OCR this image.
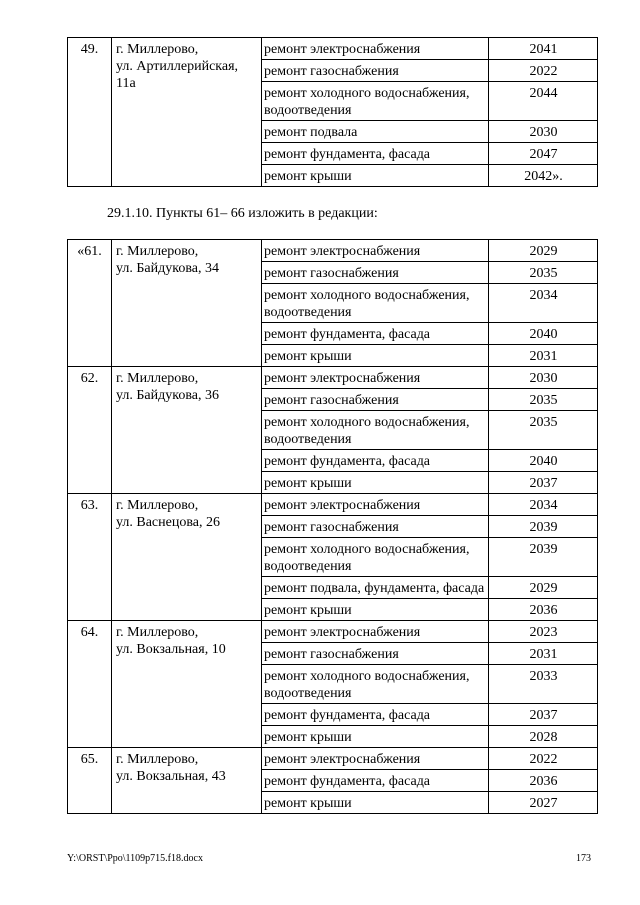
49.	г. Миллерово,
ул. Артиллерийская,
11а	ремонт электроснабжения	2041
		ремонт газоснабжения	2022
		ремонт холодного водоснабжения, водоотведения	2044
		ремонт подвала	2030
		ремонт фундамента, фасада	2047
		ремонт крыши	2042».
29.1.10. Пункты 61– 66 изложить в редакции:
«61.	г. Миллерово,
ул. Байдукова, 34	ремонт электроснабжения	2029
		ремонт газоснабжения	2035
		ремонт холодного водоснабжения, водоотведения	2034
		ремонт фундамента, фасада	2040
		ремонт крыши	2031
62.	г. Миллерово,
ул. Байдукова, 36	ремонт электроснабжения	2030
		ремонт газоснабжения	2035
		ремонт холодного водоснабжения, водоотведения	2035
		ремонт фундамента, фасада	2040
		ремонт крыши	2037
63.	г. Миллерово,
ул. Васнецова, 26	ремонт электроснабжения	2034
		ремонт газоснабжения	2039
		ремонт холодного водоснабжения, водоотведения	2039
		ремонт подвала, фундамента, фасада	2029
		ремонт крыши	2036
64.	г. Миллерово,
ул. Вокзальная, 10	ремонт электроснабжения	2023
		ремонт газоснабжения	2031
		ремонт холодного водоснабжения, водоотведения	2033
		ремонт фундамента, фасада	2037
		ремонт крыши	2028
65.	г. Миллерово,
ул. Вокзальная, 43	ремонт электроснабжения	2022
		ремонт фундамента, фасада	2036
		ремонт крыши	2027
Y:\ORST\Ppo\1109p715.f18.docx	173
